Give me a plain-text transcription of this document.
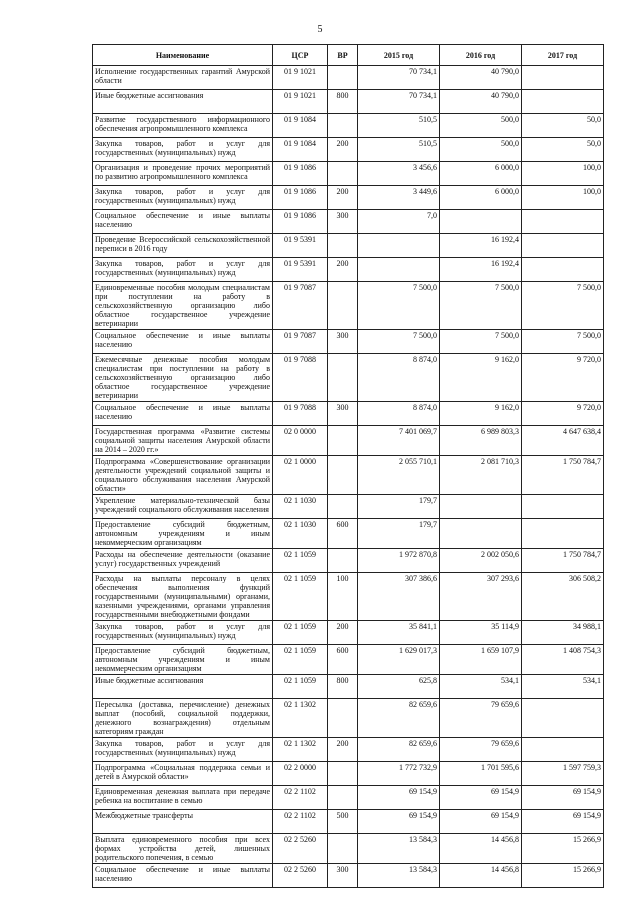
5
Наименование	ЦСР	ВР	2015 год	2016 год	2017 год
Исполнение государственных гарантий Амурской области	01 9 1021		70 734,1	40 790,0	
Иные бюджетные ассигнования	01 9 1021	800	70 734,1	40 790,0	
Развитие государственного информационного обеспечения агропромышленного комплекса	01 9 1084		510,5	500,0	50,0
Закупка товаров, работ и услуг для государственных (муниципальных) нужд	01 9 1084	200	510,5	500,0	50,0
Организация и проведение прочих мероприятий по развитию агропромышленного комплекса	01 9 1086		3 456,6	6 000,0	100,0
Закупка товаров, работ и услуг для государственных (муниципальных) нужд	01 9 1086	200	3 449,6	6 000,0	100,0
Социальное обеспечение и иные выплаты населению	01 9 1086	300	7,0		
Проведение Всероссийской сельскохозяйственной переписи в 2016 году	01 9 5391			16 192,4	
Закупка товаров, работ и услуг для государственных (муниципальных) нужд	01 9 5391	200		16 192,4	
Единовременные пособия молодым специалистам при поступлении на работу в сельскохозяйственную организацию либо областное государственное учреждение ветеринарии	01 9 7087		7 500,0	7 500,0	7 500,0
Социальное обеспечение и иные выплаты населению	01 9 7087	300	7 500,0	7 500,0	7 500,0
Ежемесячные денежные пособия молодым специалистам при поступлении на работу в сельскохозяйственную организацию либо областное государственное учреждение ветеринарии	01 9 7088		8 874,0	9 162,0	9 720,0
Социальное обеспечение и иные выплаты населению	01 9 7088	300	8 874,0	9 162,0	9 720,0
Государственная программа «Развитие системы социальной защиты населения Амурской области на 2014 – 2020 гг.»	02 0 0000		7 401 069,7	6 989 803,3	4 647 638,4
Подпрограмма «Совершенствование организации деятельности учреждений социальной защиты и социального обслуживания населения Амурской области»	02 1 0000		2 055 710,1	2 081 710,3	1 750 784,7
Укрепление материально-технической базы учреждений социального обслуживания населения	02 1 1030		179,7		
Предоставление субсидий бюджетным, автономным учреждениям и иным некоммерческим организациям	02 1 1030	600	179,7		
Расходы на обеспечение деятельности (оказание услуг) государственных учреждений	02 1 1059		1 972 870,8	2 002 050,6	1 750 784,7
Расходы на выплаты персоналу в целях обеспечения выполнения функций государственными (муниципальными) органами, казенными учреждениями, органами управления государственными внебюджетными фондами	02 1 1059	100	307 386,6	307 293,6	306 508,2
Закупка товаров, работ и услуг для государственных (муниципальных) нужд	02 1 1059	200	35 841,1	35 114,9	34 988,1
Предоставление субсидий бюджетным, автономным учреждениям и иным некоммерческим организациям	02 1 1059	600	1 629 017,3	1 659 107,9	1 408 754,3
Иные бюджетные ассигнования	02 1 1059	800	625,8	534,1	534,1
Пересылка (доставка, перечисление) денежных выплат (пособий, социальной поддержки, денежного вознаграждения) отдельным категориям граждан	02 1 1302		82 659,6	79 659,6	
Закупка товаров, работ и услуг для государственных (муниципальных) нужд	02 1 1302	200	82 659,6	79 659,6	
Подпрограмма «Социальная поддержка семьи и детей в Амурской области»	02 2 0000		1 772 732,9	1 701 595,6	1 597 759,3
Единовременная денежная выплата при передаче ребенка на воспитание в семью	02 2 1102		69 154,9	69 154,9	69 154,9
Межбюджетные трансферты	02 2 1102	500	69 154,9	69 154,9	69 154,9
Выплата единовременного пособия при всех формах устройства детей, лишенных родительского попечения, в семью	02 2 5260		13 584,3	14 456,8	15 266,9
Социальное обеспечение и иные выплаты населению	02 2 5260	300	13 584,3	14 456,8	15 266,9
